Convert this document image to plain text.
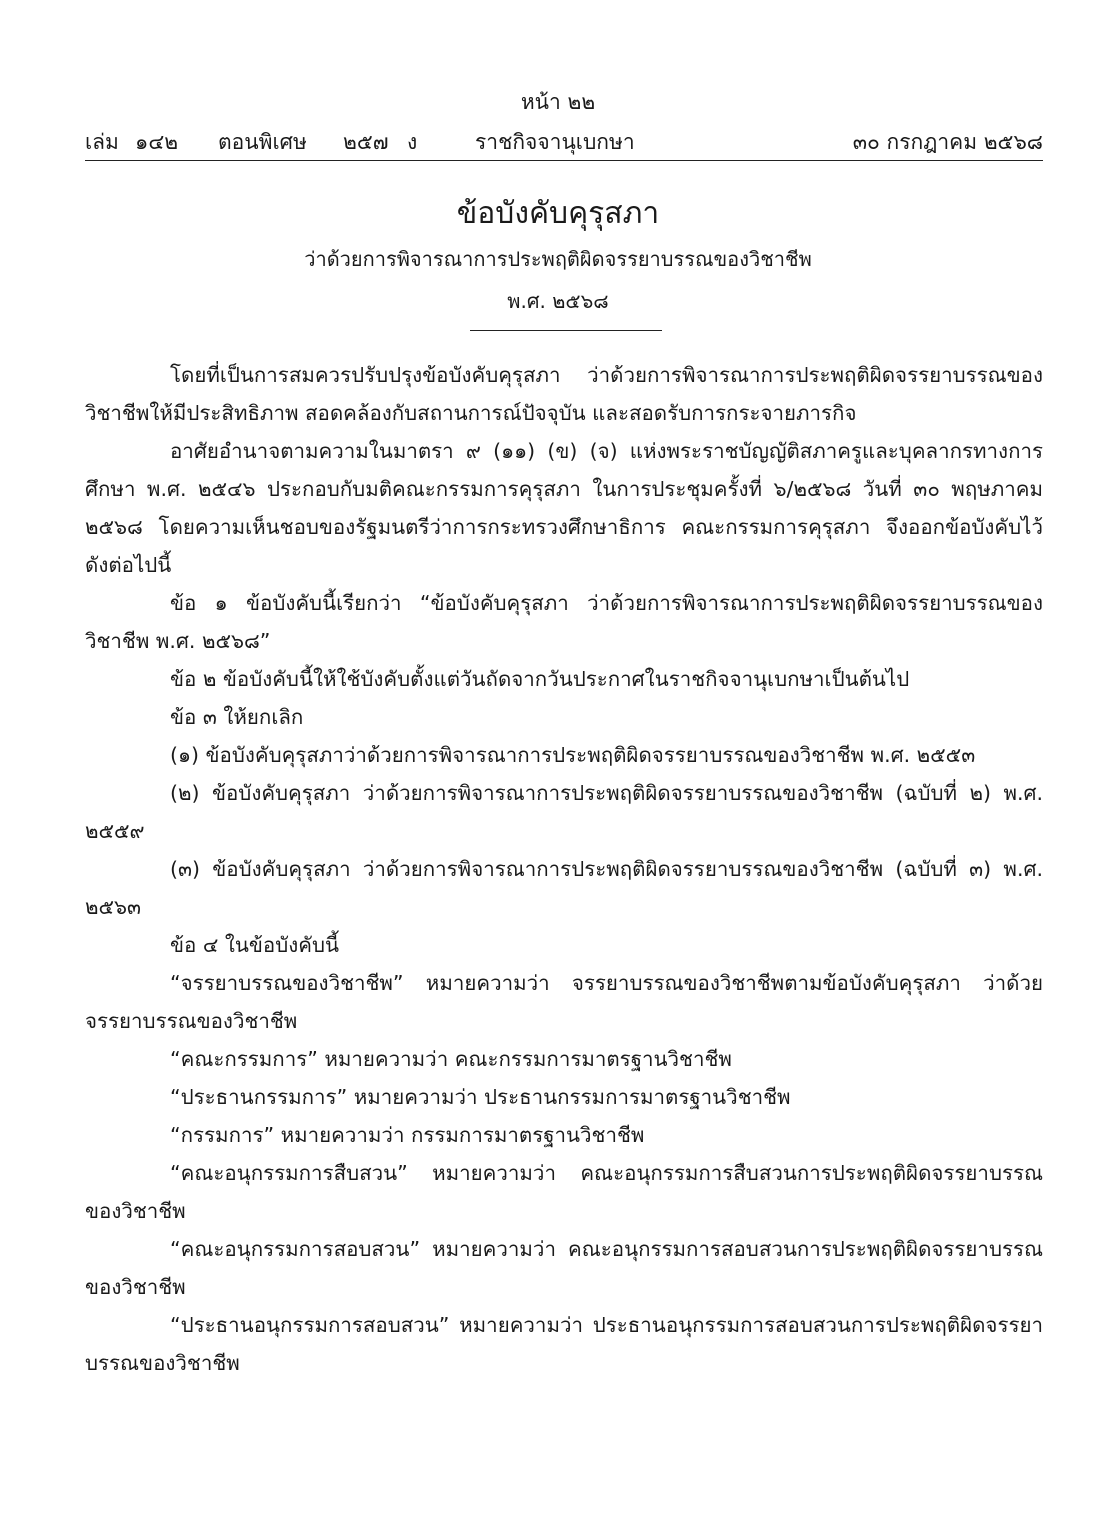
หน้า ๒๒
เล่ม ๑๔๒ ตอนพิเศษ ๒๕๗ ง	ราชกิจจานุเบกษา	๓๐ กรกฎาคม ๒๕๖๘
ข้อบังคับคุรุสภา
ว่าด้วยการพิจารณาการประพฤติผิดจรรยาบรรณของวิชาชีพ
พ.ศ. ๒๕๖๘

โดยที่เป็นการสมควรปรับปรุงข้อบังคับคุรุสภา ว่าด้วยการพิจารณาการประพฤติผิดจรรยาบรรณของวิชาชีพให้มีประสิทธิภาพ สอดคล้องกับสถานการณ์ปัจจุบัน และสอดรับการกระจายภารกิจ

อาศัยอำนาจตามความในมาตรา ๙ (๑๑) (ข) (จ) แห่งพระราชบัญญัติสภาครูและบุคลากรทางการศึกษา พ.ศ. ๒๕๔๖ ประกอบกับมติคณะกรรมการคุรุสภา ในการประชุมครั้งที่ ๖/๒๕๖๘ วันที่ ๓๐ พฤษภาคม ๒๕๖๘ โดยความเห็นชอบของรัฐมนตรีว่าการกระทรวงศึกษาธิการ คณะกรรมการคุรุสภา จึงออกข้อบังคับไว้ ดังต่อไปนี้

ข้อ ๑ ข้อบังคับนี้เรียกว่า “ข้อบังคับคุรุสภา ว่าด้วยการพิจารณาการประพฤติผิดจรรยาบรรณของวิชาชีพ พ.ศ. ๒๕๖๘”

ข้อ ๒ ข้อบังคับนี้ให้ใช้บังคับตั้งแต่วันถัดจากวันประกาศในราชกิจจานุเบกษาเป็นต้นไป

ข้อ ๓ ให้ยกเลิก

(๑) ข้อบังคับคุรุสภาว่าด้วยการพิจารณาการประพฤติผิดจรรยาบรรณของวิชาชีพ พ.ศ. ๒๕๕๓

(๒) ข้อบังคับคุรุสภา ว่าด้วยการพิจารณาการประพฤติผิดจรรยาบรรณของวิชาชีพ (ฉบับที่ ๒) พ.ศ. ๒๕๕๙

(๓) ข้อบังคับคุรุสภา ว่าด้วยการพิจารณาการประพฤติผิดจรรยาบรรณของวิชาชีพ (ฉบับที่ ๓) พ.ศ. ๒๕๖๓

ข้อ ๔ ในข้อบังคับนี้

“จรรยาบรรณของวิชาชีพ” หมายความว่า จรรยาบรรณของวิชาชีพตามข้อบังคับคุรุสภา ว่าด้วยจรรยาบรรณของวิชาชีพ

“คณะกรรมการ” หมายความว่า คณะกรรมการมาตรฐานวิชาชีพ

“ประธานกรรมการ” หมายความว่า ประธานกรรมการมาตรฐานวิชาชีพ

“กรรมการ” หมายความว่า กรรมการมาตรฐานวิชาชีพ

“คณะอนุกรรมการสืบสวน” หมายความว่า คณะอนุกรรมการสืบสวนการประพฤติผิดจรรยาบรรณของวิชาชีพ

“คณะอนุกรรมการสอบสวน” หมายความว่า คณะอนุกรรมการสอบสวนการประพฤติผิดจรรยาบรรณของวิชาชีพ

“ประธานอนุกรรมการสอบสวน” หมายความว่า ประธานอนุกรรมการสอบสวนการประพฤติผิดจรรยาบรรณของวิชาชีพ
